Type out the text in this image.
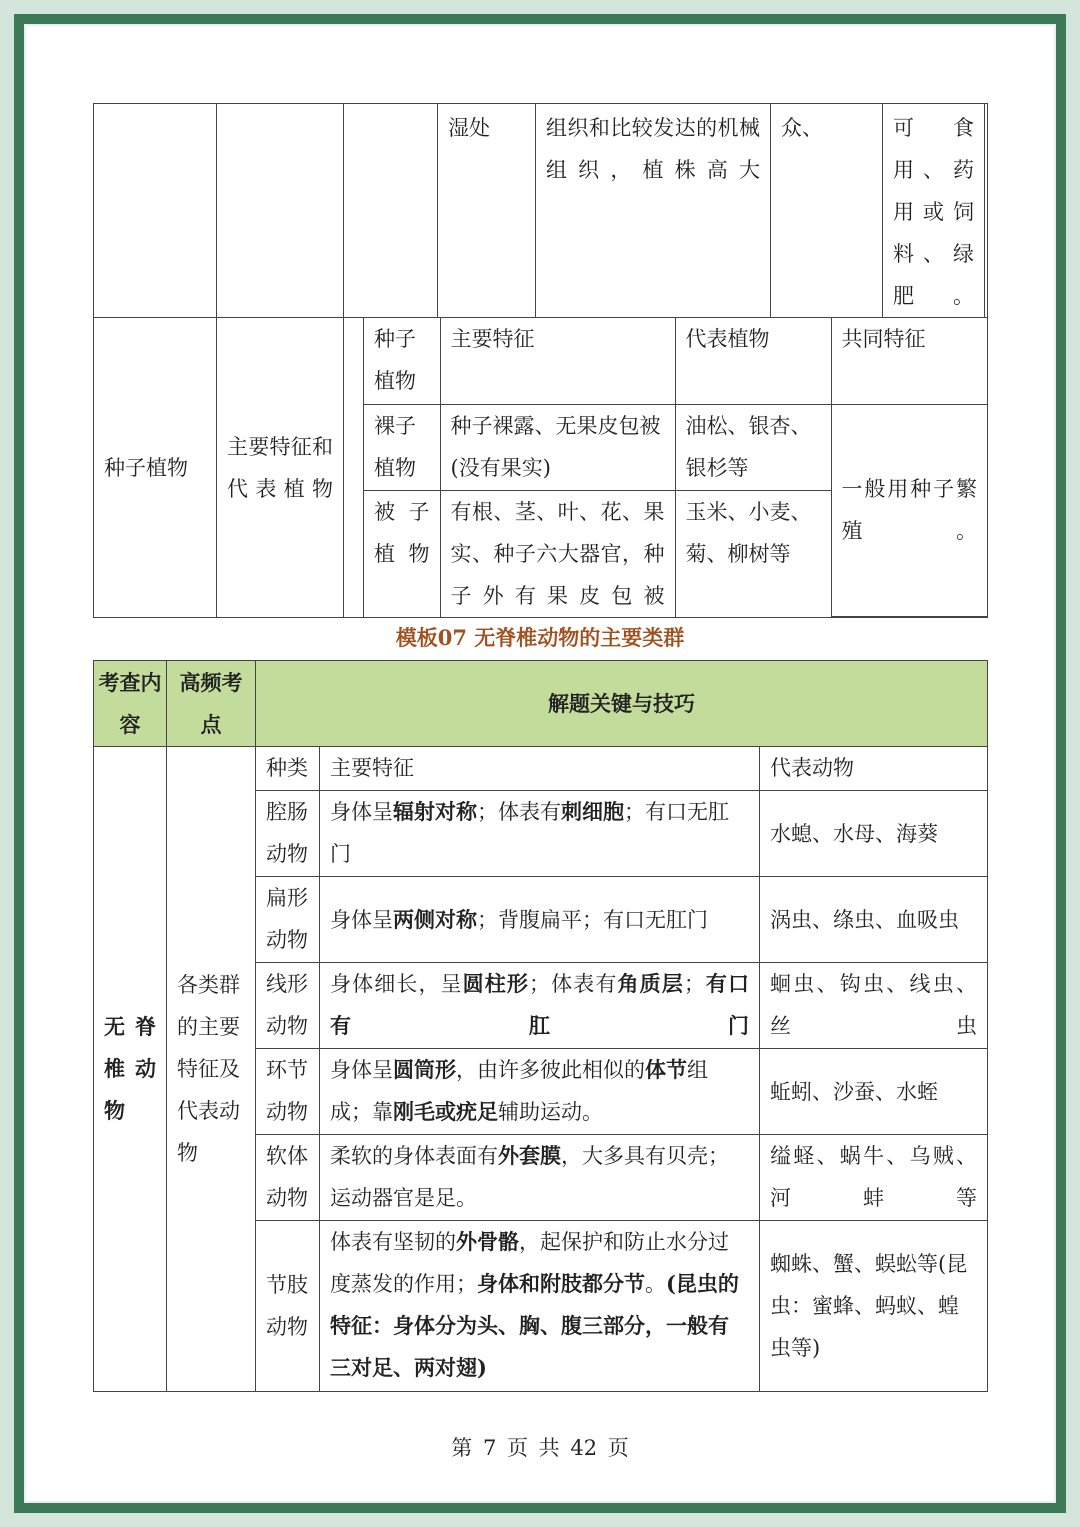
			湿处	组织和比较发达的机械组织，植株高大	众、	可食用、药用或饲料、绿肥。	
种子植物	主要特征和代表植物		
种子植物	主要特征	代表植物	共同特征
裸子植物	种子裸露、无果皮包被(没有果实)	油松、银杏、银杉等	一般用种子繁殖。
被子植物	有根、茎、叶、花、果实、种子六大器官，种子外有果皮包被	玉米、小麦、菊、柳树等
模板07 无脊椎动物的主要类群
考查内容	高频考点	解题关键与技巧		
无脊椎动物	各类群的主要特征及代表动物	种类	主要特征	代表动物
		腔肠动物	身体呈辐射对称；体表有刺细胞；有口无肛门	水螅、水母、海葵
		扁形动物	身体呈两侧对称；背腹扁平；有口无肛门	涡虫、绦虫、血吸虫
		线形动物	身体细长，呈圆柱形；体表有角质层；有口有肛门	蛔虫、钩虫、线虫、丝虫
		环节动物	身体呈圆筒形，由许多彼此相似的体节组成；靠刚毛或疣足辅助运动。	蚯蚓、沙蚕、水蛭
		软体动物	柔软的身体表面有外套膜，大多具有贝壳；运动器官是足。	缢蛏、蜗牛、乌贼、河蚌等
		节肢动物	体表有坚韧的外骨骼，起保护和防止水分过度蒸发的作用；身体和附肢都分节。(昆虫的特征：身体分为头、胸、腹三部分，一般有三对足、两对翅)	蜘蛛、蟹、蜈蚣等(昆虫：蜜蜂、蚂蚁、蝗虫等)
第 7 页 共 42 页
